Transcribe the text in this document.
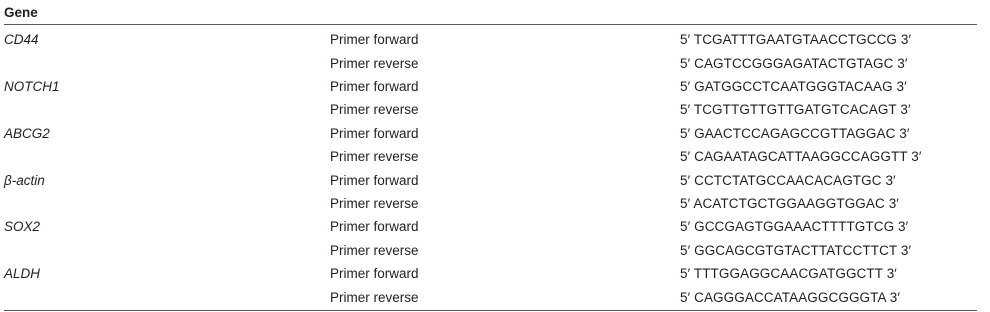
Gene		
CD44	Primer forward	5′ TCGATTTGAATGTAACCTGCCG 3′
	Primer reverse	5′ CAGTCCGGGAGATACTGTAGC 3′
NOTCH1	Primer forward	5′ GATGGCCTCAATGGGTACAAG 3′
	Primer reverse	5′ TCGTTGTTGTTGATGTCACAGT 3′
ABCG2	Primer forward	5′ GAACTCCAGAGCCGTTAGGAC 3′
	Primer reverse	5′ CAGAATAGCATTAAGGCCAGGTT 3′
β-actin	Primer forward	5′ CCTCTATGCCAACACAGTGC 3′
	Primer reverse	5′ ACATCTGCTGGAAGGTGGAC 3′
SOX2	Primer forward	5′ GCCGAGTGGAAACTTTTGTCG 3′
	Primer reverse	5′ GGCAGCGTGTACTTATCCTTCT 3′
ALDH	Primer forward	5′ TTTGGAGGCAACGATGGCTT 3′
	Primer reverse	5′ CAGGGACCATAAGGCGGGTA 3′
